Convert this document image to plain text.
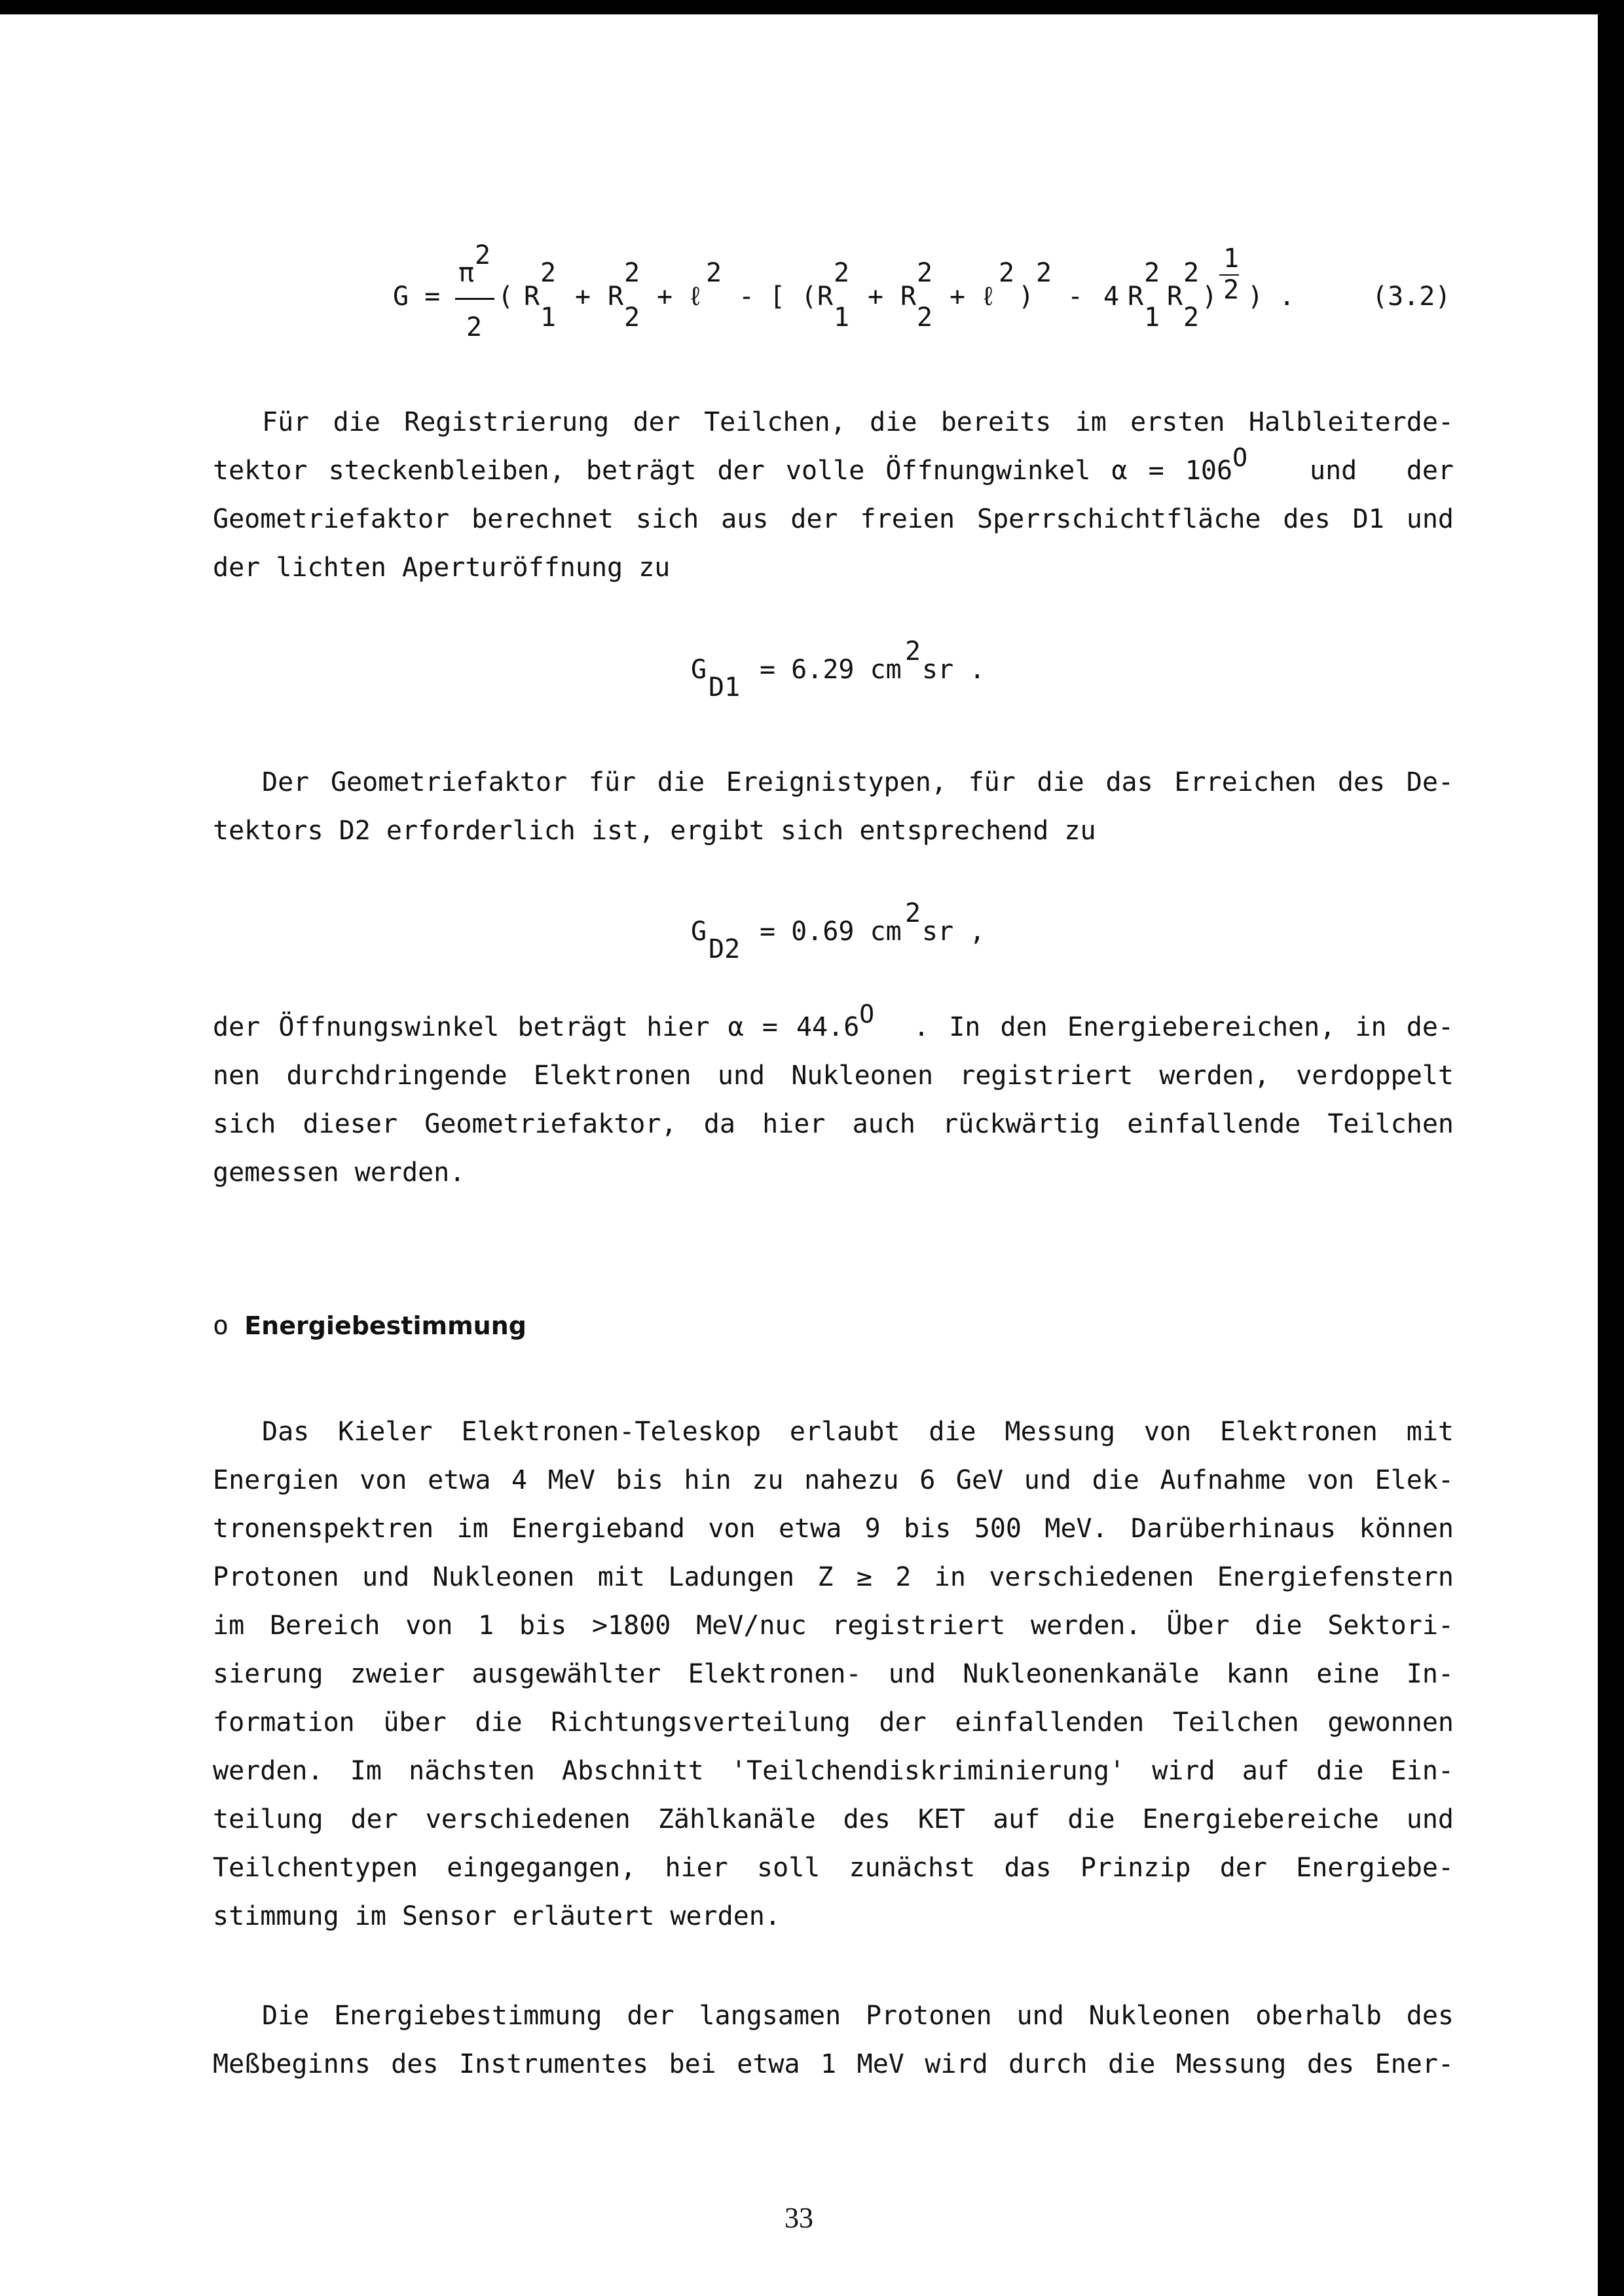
G =
π
2
2
( R
2
1
+ R
2
2
+ ℓ
2
- [ ( R
2
1
+ R
2
2
+ ℓ
2
)
2
- 4 R
2
1
R
2
2
)
1
2 ) .	(3.2)
Für die Registrierung der Teilchen, die bereits im ersten Halbleiterde-
tektor steckenbleiben, beträgt der volle Öffnungwinkel α = 106O und der
Geometriefaktor berechnet sich aus der freien Sperrschichtfläche des D1 und
der lichten Aperturöffnung zu
G
D1
= 6.29 cm
2
sr .
Der Geometriefaktor für die Ereignistypen, für die das Erreichen des De-
tektors D2 erforderlich ist, ergibt sich entsprechend zu
G
D2
= 0.69 cm
2
sr ,
der Öffnungswinkel beträgt hier α = 44.6O . In den Energiebereichen, in de-
nen durchdringende Elektronen und Nukleonen registriert werden, verdoppelt
sich dieser Geometriefaktor, da hier auch rückwärtig einfallende Teilchen
gemessen werden.
o Energiebestimmung
Das Kieler Elektronen-Teleskop erlaubt die Messung von Elektronen mit
Energien von etwa 4 MeV bis hin zu nahezu 6 GeV und die Aufnahme von Elek-
tronenspektren im Energieband von etwa 9 bis 500 MeV. Darüberhinaus können
Protonen und Nukleonen mit Ladungen Z ≥ 2 in verschiedenen Energiefenstern
im Bereich von 1 bis >1800 MeV/nuc registriert werden. Über die Sektori-
sierung zweier ausgewählter Elektronen- und Nukleonenkanäle kann eine In-
formation über die Richtungsverteilung der einfallenden Teilchen gewonnen
werden. Im nächsten Abschnitt 'Teilchendiskriminierung' wird auf die Ein-
teilung der verschiedenen Zählkanäle des KET auf die Energiebereiche und
Teilchentypen eingegangen, hier soll zunächst das Prinzip der Energiebe-
stimmung im Sensor erläutert werden.
Die Energiebestimmung der langsamen Protonen und Nukleonen oberhalb des
Meßbeginns des Instrumentes bei etwa 1 MeV wird durch die Messung des Ener-
33
